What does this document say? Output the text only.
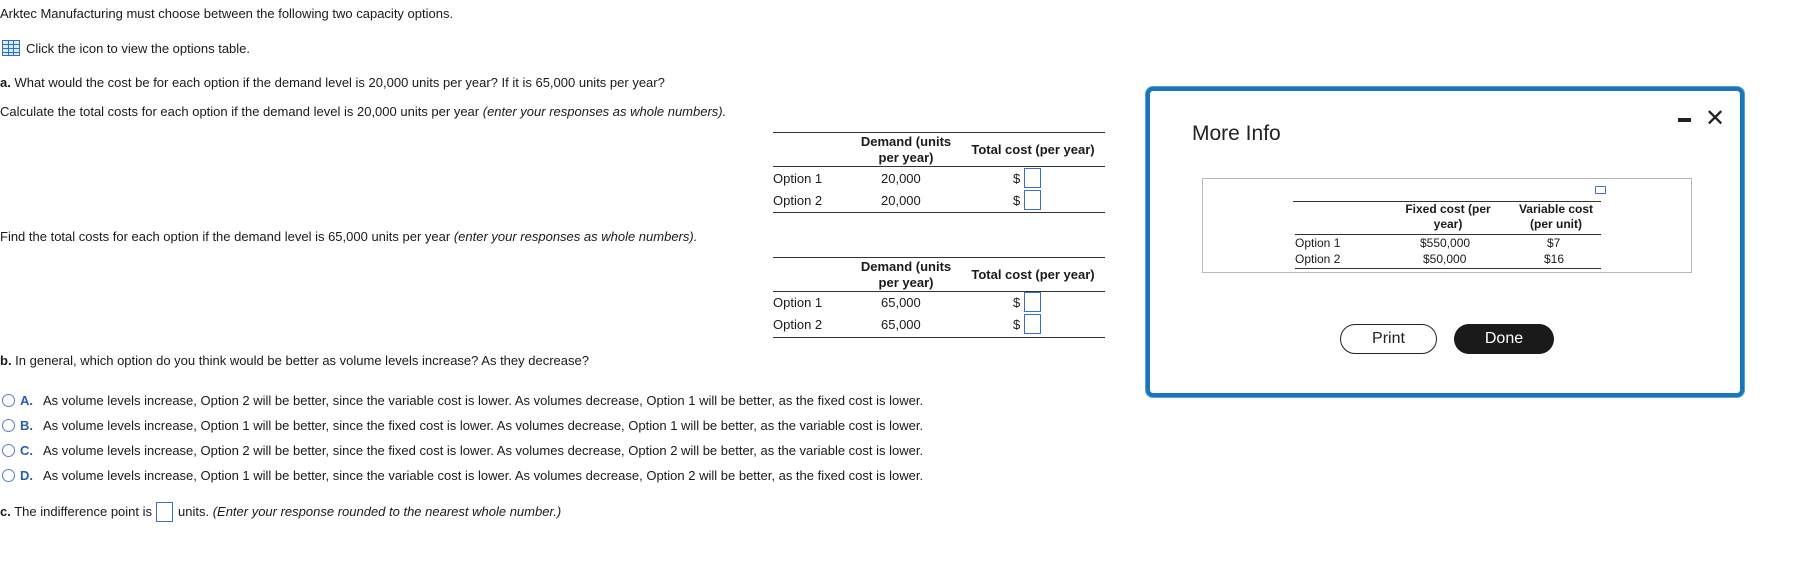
Arktec Manufacturing must choose between the following two capacity options.
Click the icon to view the options table.
a. What would the cost be for each option if the demand level is 20,000 units per year? If it is 65,000 units per year?
Calculate the total costs for each option if the demand level is 20,000 units per year (enter your responses as whole numbers).
Find the total costs for each option if the demand level is 65,000 units per year (enter your responses as whole numbers).
Demand (units
per year)
Total cost (per year)
Option 1	20,000	$
Option 2	20,000	$
Demand (units
per year)
Total cost (per year)
Option 1	65,000	$
Option 2	65,000	$
b. In general, which option do you think would be better as volume levels increase? As they decrease?
A. As volume levels increase, Option 2 will be better, since the variable cost is lower. As volumes decrease, Option 1 will be better, as the fixed cost is lower.
B. As volume levels increase, Option 1 will be better, since the fixed cost is lower. As volumes decrease, Option 1 will be better, as the variable cost is lower.
C. As volume levels increase, Option 2 will be better, since the fixed cost is lower. As volumes decrease, Option 2 will be better, as the variable cost is lower.
D. As volume levels increase, Option 1 will be better, since the variable cost is lower. As volumes decrease, Option 2 will be better, as the fixed cost is lower.
c. The indifference point is units. (Enter your response rounded to the nearest whole number.)
More Info
✕
Fixed cost (per
year)
Variable cost
(per unit)
Option 1	$550,000	$7
Option 2	$50,000	$16
Print	Done
